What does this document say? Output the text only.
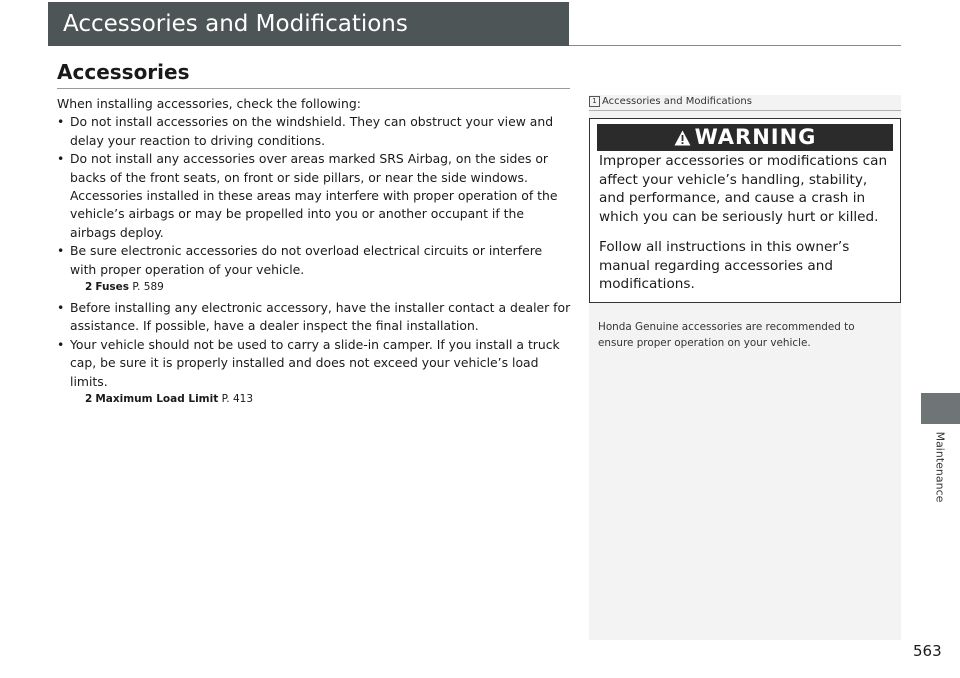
Accessories and Modifications
Accessories

When installing accessories, check the following:

• Do not install accessories on the windshield. They can obstruct your view and delay your reaction to driving conditions.
• Do not install any accessories over areas marked SRS Airbag, on the sides or backs of the front seats, on front or side pillars, or near the side windows. Accessories installed in these areas may interfere with proper operation of the vehicle’s airbags or may be propelled into you or another occupant if the airbags deploy.
• Be sure electronic accessories do not overload electrical circuits or interfere with proper operation of your vehicle.
2 Fuses P. 589
• Before installing any electronic accessory, have the installer contact a dealer for assistance. If possible, have a dealer inspect the final installation.
• Your vehicle should not be used to carry a slide-in camper. If you install a truck cap, be sure it is properly installed and does not exceed your vehicle’s load limits.
2 Maximum Load Limit P. 413
1 Accessories and Modifications
WARNING

Improper accessories or modifications can affect your vehicle’s handling, stability, and performance, and cause a crash in which you can be seriously hurt or killed.

Follow all instructions in this owner’s manual regarding accessories and modifications.

Honda Genuine accessories are recommended to ensure proper operation on your vehicle.
Maintenance
563
